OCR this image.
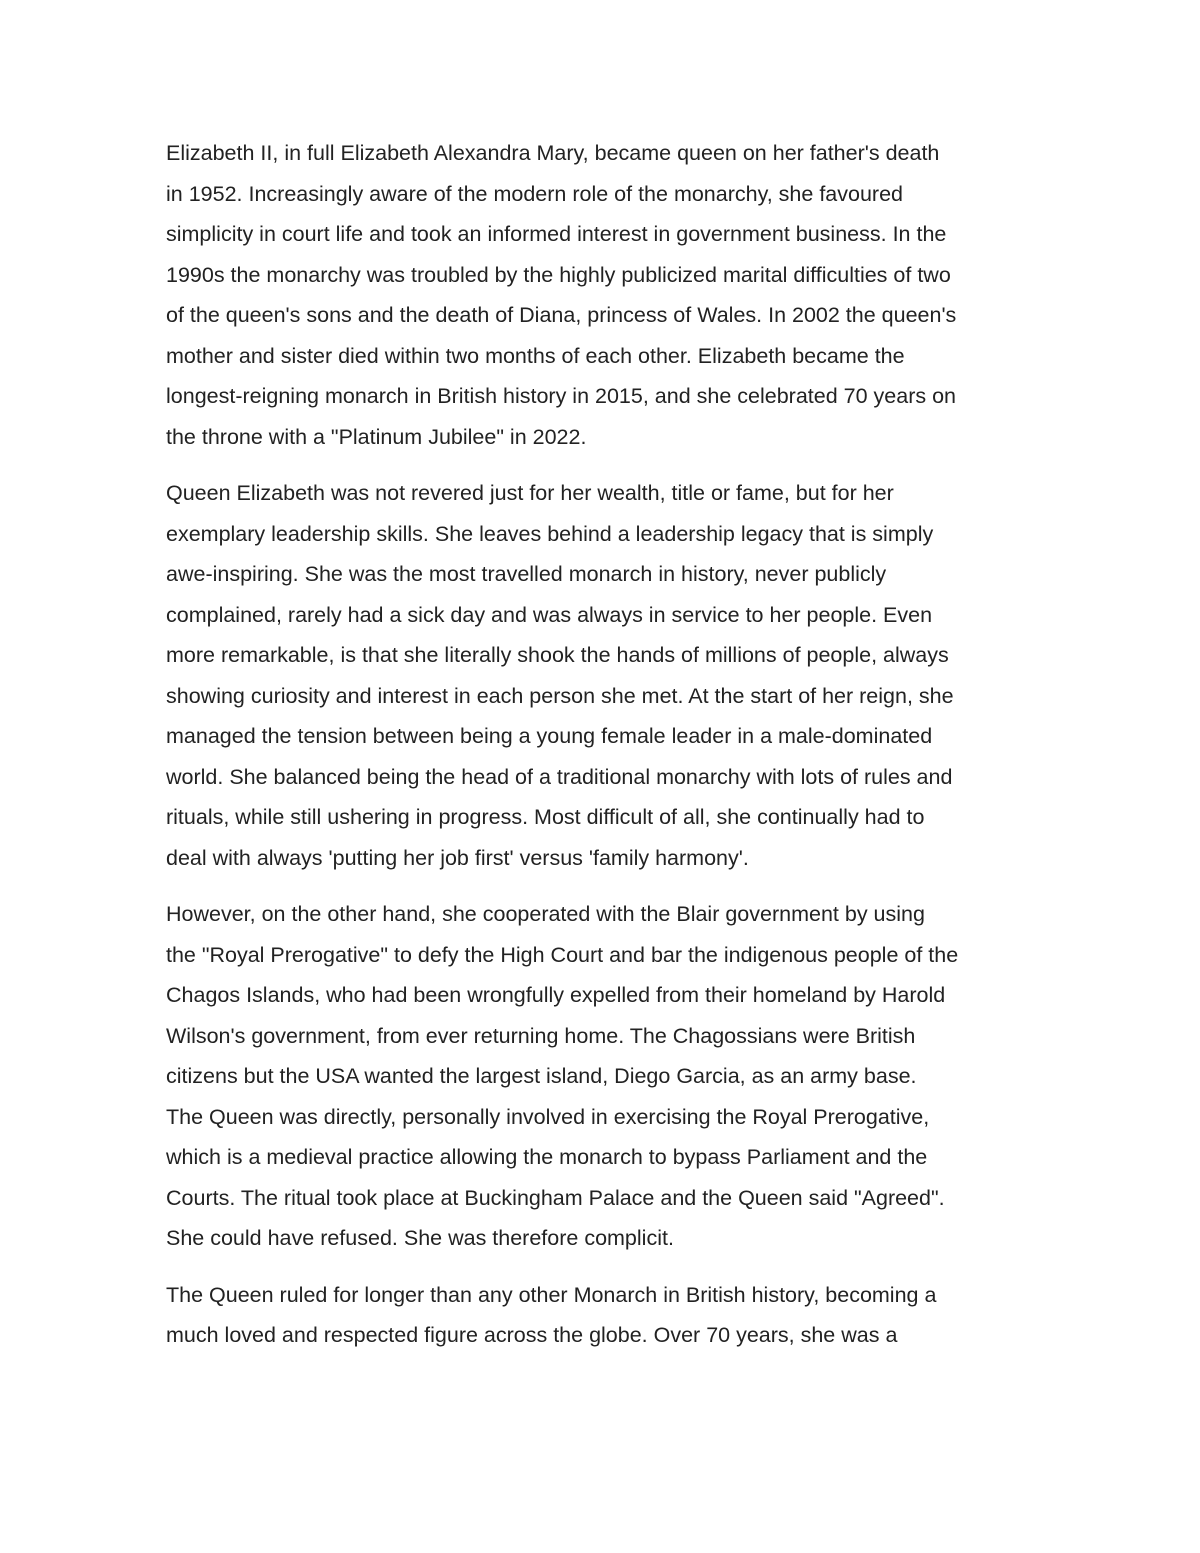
Elizabeth II, in full Elizabeth Alexandra Mary, became queen on her father's death
in 1952. Increasingly aware of the modern role of the monarchy, she favoured
simplicity in court life and took an informed interest in government business. In the
1990s the monarchy was troubled by the highly publicized marital difficulties of two
of the queen's sons and the death of Diana, princess of Wales. In 2002 the queen's
mother and sister died within two months of each other. Elizabeth became the
longest-reigning monarch in British history in 2015, and she celebrated 70 years on
the throne with a "Platinum Jubilee" in 2022.

Queen Elizabeth was not revered just for her wealth, title or fame, but for her
exemplary leadership skills. She leaves behind a leadership legacy that is simply
awe-inspiring. She was the most travelled monarch in history, never publicly
complained, rarely had a sick day and was always in service to her people. Even
more remarkable, is that she literally shook the hands of millions of people, always
showing curiosity and interest in each person she met. At the start of her reign, she
managed the tension between being a young female leader in a male-dominated
world. She balanced being the head of a traditional monarchy with lots of rules and
rituals, while still ushering in progress. Most difficult of all, she continually had to
deal with always 'putting her job first' versus 'family harmony'.

However, on the other hand, she cooperated with the Blair government by using
the "Royal Prerogative" to defy the High Court and bar the indigenous people of the
Chagos Islands, who had been wrongfully expelled from their homeland by Harold
Wilson's government, from ever returning home. The Chagossians were British
citizens but the USA wanted the largest island, Diego Garcia, as an army base.
The Queen was directly, personally involved in exercising the Royal Prerogative,
which is a medieval practice allowing the monarch to bypass Parliament and the
Courts. The ritual took place at Buckingham Palace and the Queen said "Agreed".
She could have refused. She was therefore complicit.

The Queen ruled for longer than any other Monarch in British history, becoming a
much loved and respected figure across the globe. Over 70 years, she was a
